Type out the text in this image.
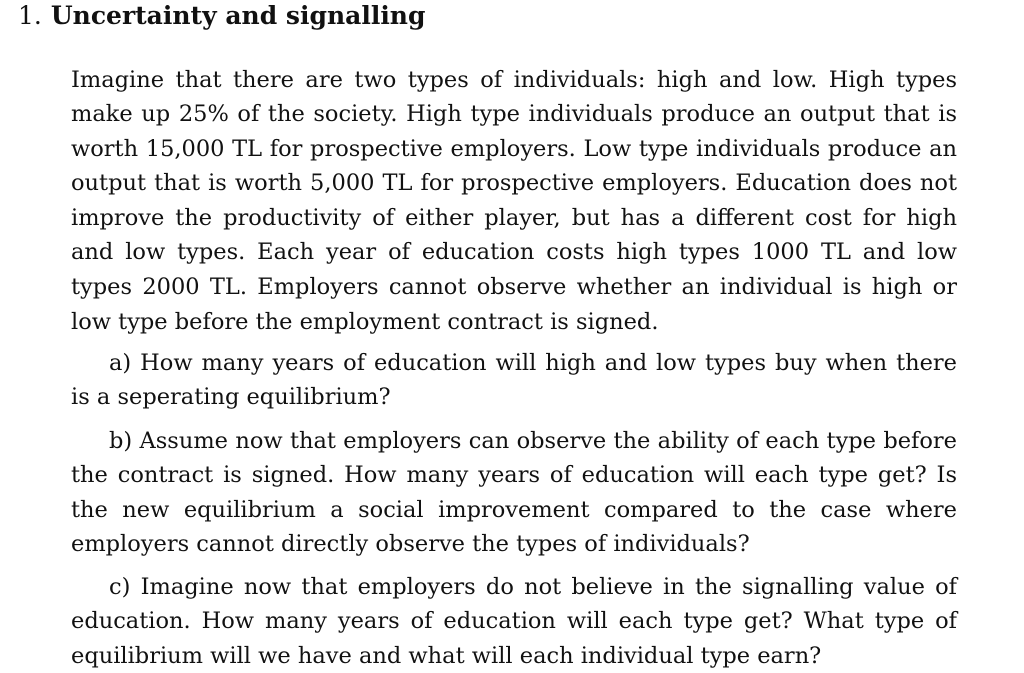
1. Uncertainty and signalling

Imagine that there are two types of individuals: high and low. High types make up 25% of the society. High type individuals produce an output that is worth 15,000 TL for prospective employers. Low type individuals produce an output that is worth 5,000 TL for prospective employers. Education does not improve the productivity of either player, but has a different cost for high and low types. Each year of education costs high types 1000 TL and low types 2000 TL. Employers cannot observe whether an individual is high or low type before the employment contract is signed.

a) How many years of education will high and low types buy when there is a seperating equilibrium?

b) Assume now that employers can observe the ability of each type before the contract is signed. How many years of education will each type get? Is the new equilibrium a social improvement compared to the case where employers cannot directly observe the types of individuals?

c) Imagine now that employers do not believe in the signalling value of education. How many years of education will each type get? What type of equilibrium will we have and what will each individual type earn?
